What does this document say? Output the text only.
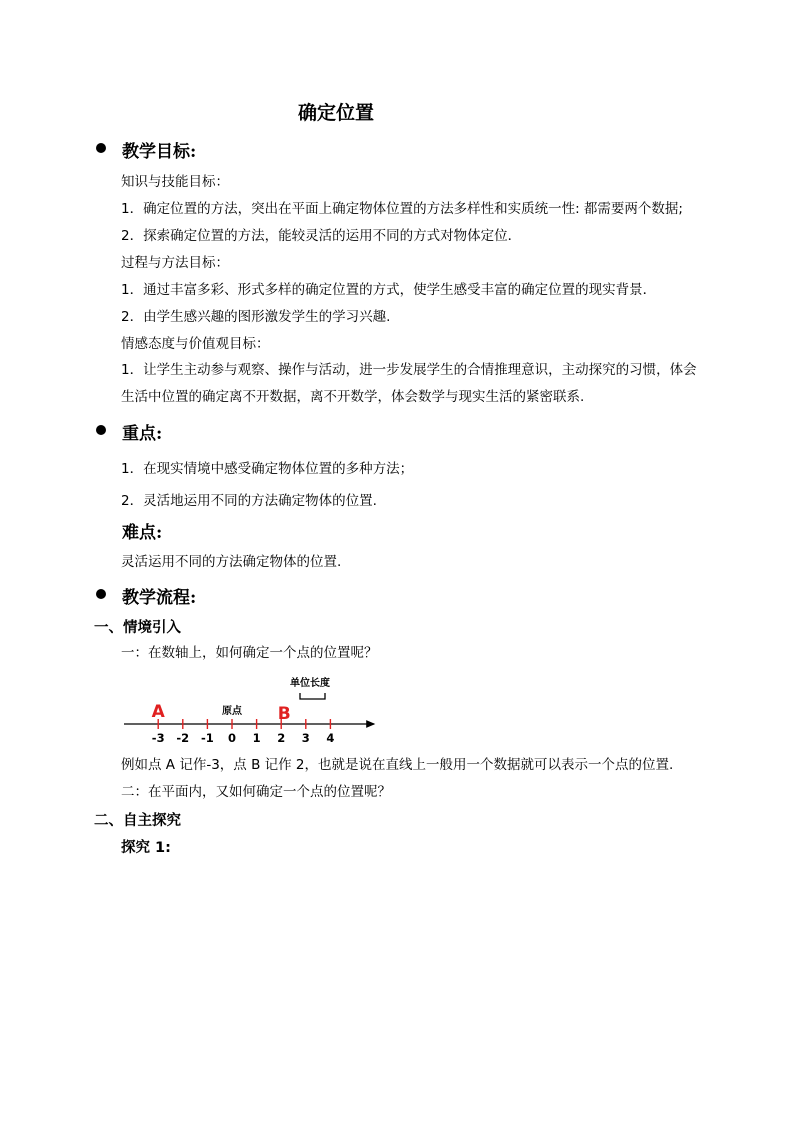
确定位置
教学目标:
知识与技能目标：
1．确定位置的方法，突出在平面上确定物体位置的方法多样性和实质统一性: 都需要两个数据;
2．探索确定位置的方法，能较灵活的运用不同的方式对物体定位．
过程与方法目标：
1．通过丰富多彩、形式多样的确定位置的方式，使学生感受丰富的确定位置的现实背景．
2．由学生感兴趣的图形激发学生的学习兴趣.
情感态度与价值观目标：
1．让学生主动参与观察、操作与活动，进一步发展学生的合情推理意识，主动探究的习惯，体会生活中位置的确定离不开数据，离不开数学，体会数学与现实生活的紧密联系.
重点:
1．在现实情境中感受确定物体位置的多种方法；
2．灵活地运用不同的方法确定物体的位置.
难点:
灵活运用不同的方法确定物体的位置.
教学流程:
一、情境引入
一：在数轴上，如何确定一个点的位置呢？
单位长度
原点
-3 -2 -1 0 1 2 3 4
A	B
例如点 A 记作-3，点 B 记作 2，也就是说在直线上一般用一个数据就可以表示一个点的位置.
二：在平面内，又如何确定一个点的位置呢？
二、自主探究
探究 1:
